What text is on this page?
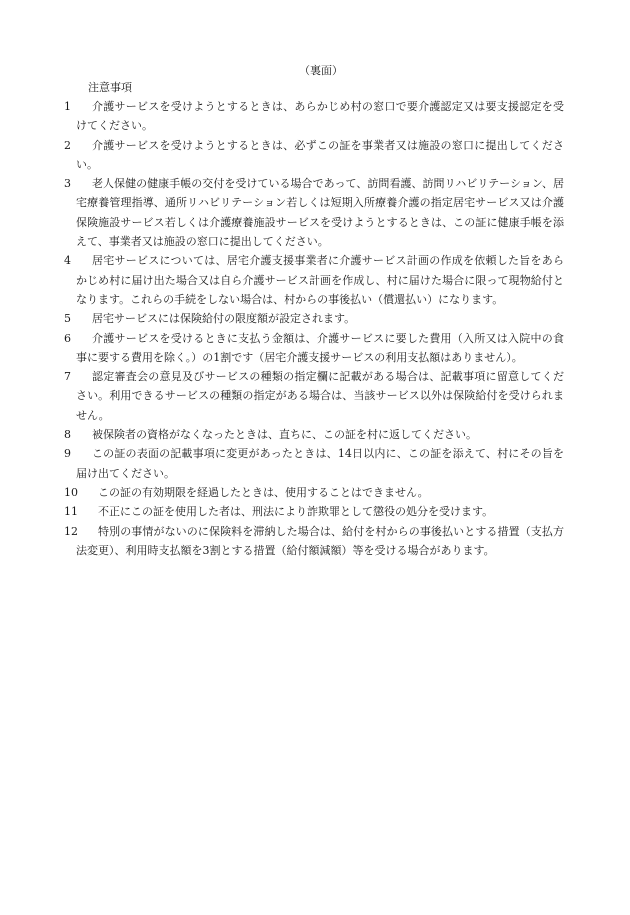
（裏面）
注意事項
1	介護サービスを受けようとするときは、あらかじめ村の窓口で要介護認定又は要支援認定を受けてください。
2	介護サービスを受けようとするときは、必ずこの証を事業者又は施設の窓口に提出してください。
3	老人保健の健康手帳の交付を受けている場合であって、訪問看護、訪問リハビリテーション、居宅療養管理指導、通所リハビリテーション若しくは短期入所療養介護の指定居宅サービス又は介護保険施設サービス若しくは介護療養施設サービスを受けようとするときは、この証に健康手帳を添えて、事業者又は施設の窓口に提出してください。
4	居宅サービスについては、居宅介護支援事業者に介護サービス計画の作成を依頼した旨をあらかじめ村に届け出た場合又は自ら介護サービス計画を作成し、村に届けた場合に限って現物給付となります。これらの手続をしない場合は、村からの事後払い（償還払い）になります。
5	居宅サービスには保険給付の限度額が設定されます。
6	介護サービスを受けるときに支払う金額は、介護サービスに要した費用（入所又は入院中の食事に要する費用を除く。）の1割です（居宅介護支援サービスの利用支払額はありません）。
7	認定審査会の意見及びサービスの種類の指定欄に記載がある場合は、記載事項に留意してください。利用できるサービスの種類の指定がある場合は、当該サービス以外は保険給付を受けられません。
8	被保険者の資格がなくなったときは、直ちに、この証を村に返してください。
9	この証の表面の記載事項に変更があったときは、14日以内に、この証を添えて、村にその旨を届け出てください。
10	この証の有効期限を経過したときは、使用することはできません。
11	不正にこの証を使用した者は、刑法により詐欺罪として懲役の処分を受けます。
12	特別の事情がないのに保険料を滞納した場合は、給付を村からの事後払いとする措置（支払方法変更）、利用時支払額を3割とする措置（給付額減額）等を受ける場合があります。
